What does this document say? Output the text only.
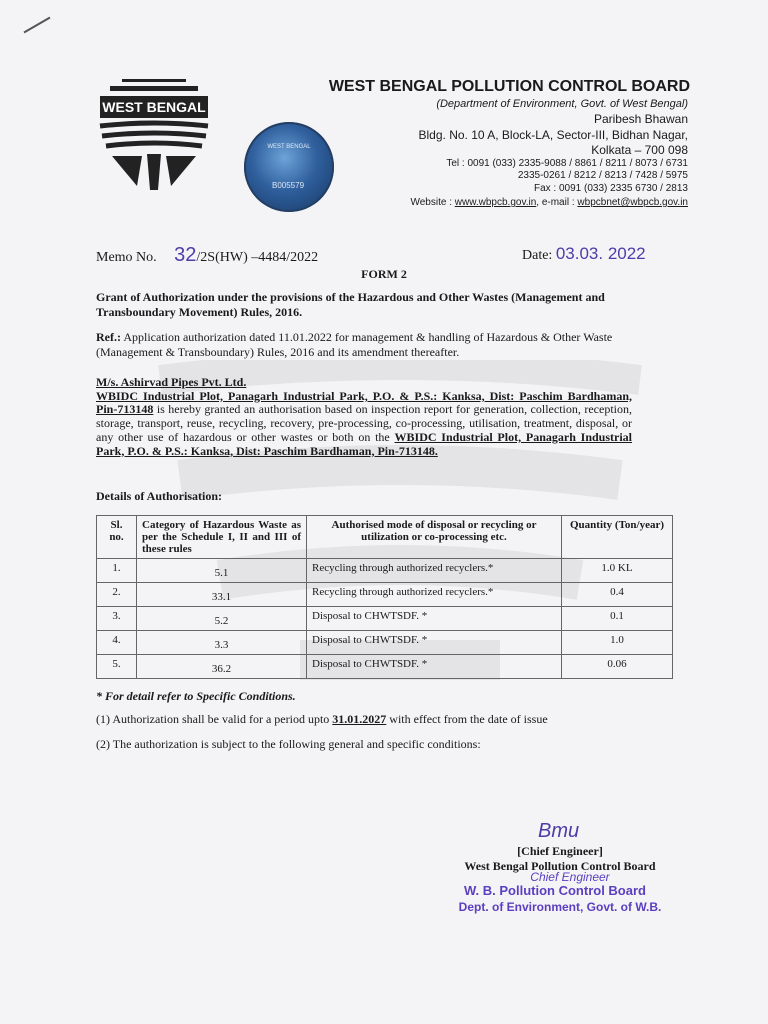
WEST BENGAL
WEST BENGAL
B005579
WEST BENGAL POLLUTION CONTROL BOARD
(Department of Environment, Govt. of West Bengal)
Paribesh Bhawan
Bldg. No. 10 A, Block-LA, Sector-III, Bidhan Nagar,
Kolkata – 700 098
Tel : 0091 (033) 2335-9088 / 8861 / 8211 / 8073 / 6731
2335-0261 / 8212 / 8213 / 7428 / 5975
Fax : 0091 (033) 2335 6730 / 2813
Website : www.wbpcb.gov.in, e-mail : wbpcbnet@wbpcb.gov.in
Memo No. 32/2S(HW) –4484/2022	Date: 03.03. 2022
FORM 2
Grant of Authorization under the provisions of the Hazardous and Other Wastes (Management and Transboundary Movement) Rules, 2016.
Ref.: Application authorization dated 11.01.2022 for management & handling of Hazardous & Other Waste (Management & Transboundary) Rules, 2016 and its amendment thereafter.
M/s. Ashirvad Pipes Pvt. Ltd.
WBIDC Industrial Plot, Panagarh Industrial Park, P.O. & P.S.: Kanksa, Dist: Paschim Bardhaman, Pin-713148 is hereby granted an authorisation based on inspection report for generation, collection, reception, storage, transport, reuse, recycling, recovery, pre-processing, co-processing, utilisation, treatment, disposal, or any other use of hazardous or other wastes or both on the WBIDC Industrial Plot, Panagarh Industrial Park, P.O. & P.S.: Kanksa, Dist: Paschim Bardhaman, Pin-713148.
Details of Authorisation:
Sl. no.	Category of Hazardous Waste as per the Schedule I, II and III of these rules	Authorised mode of disposal or recycling or utilization or co-processing etc.	Quantity (Ton/year)
1.	5.1	Recycling through authorized recyclers.*	1.0 KL
2.	33.1	Recycling through authorized recyclers.*	0.4
3.	5.2	Disposal to CHWTSDF. *	0.1
4.	3.3	Disposal to CHWTSDF. *	1.0
5.	36.2	Disposal to CHWTSDF. *	0.06
* For detail refer to Specific Conditions.
(1) Authorization shall be valid for a period upto 31.01.2027 with effect from the date of issue
(2) The authorization is subject to the following general and specific conditions:
Bmu
[Chief Engineer]
West Bengal Pollution Control Board
Chief Engineer
W. B. Pollution Control Board
Dept. of Environment, Govt. of W.B.
